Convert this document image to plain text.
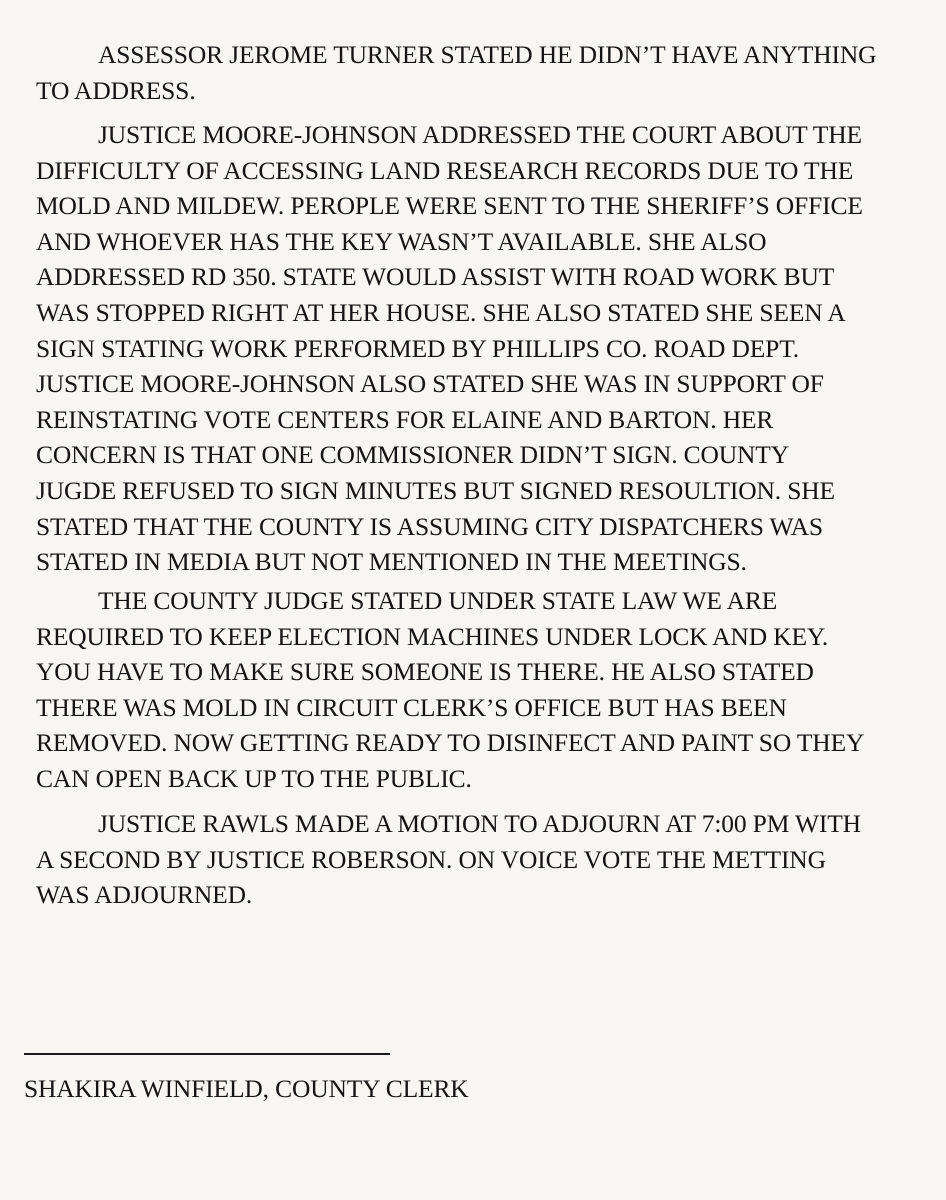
ASSESSOR JEROME TURNER STATED HE DIDN’T HAVE ANYTHING
TO ADDRESS.
JUSTICE MOORE-JOHNSON ADDRESSED THE COURT ABOUT THE
DIFFICULTY OF ACCESSING LAND RESEARCH RECORDS DUE TO THE
MOLD AND MILDEW. PEROPLE WERE SENT TO THE SHERIFF’S OFFICE
AND WHOEVER HAS THE KEY WASN’T AVAILABLE. SHE ALSO
ADDRESSED RD 350. STATE WOULD ASSIST WITH ROAD WORK BUT
WAS STOPPED RIGHT AT HER HOUSE. SHE ALSO STATED SHE SEEN A
SIGN STATING WORK PERFORMED BY PHILLIPS CO. ROAD DEPT.
JUSTICE MOORE-JOHNSON ALSO STATED SHE WAS IN SUPPORT OF
REINSTATING VOTE CENTERS FOR ELAINE AND BARTON. HER
CONCERN IS THAT ONE COMMISSIONER DIDN’T SIGN. COUNTY
JUGDE REFUSED TO SIGN MINUTES BUT SIGNED RESOULTION. SHE
STATED THAT THE COUNTY IS ASSUMING CITY DISPATCHERS WAS
STATED IN MEDIA BUT NOT MENTIONED IN THE MEETINGS.
THE COUNTY JUDGE STATED UNDER STATE LAW WE ARE
REQUIRED TO KEEP ELECTION MACHINES UNDER LOCK AND KEY.
YOU HAVE TO MAKE SURE SOMEONE IS THERE. HE ALSO STATED
THERE WAS MOLD IN CIRCUIT CLERK’S OFFICE BUT HAS BEEN
REMOVED. NOW GETTING READY TO DISINFECT AND PAINT SO THEY
CAN OPEN BACK UP TO THE PUBLIC.
JUSTICE RAWLS MADE A MOTION TO ADJOURN AT 7:00 PM WITH
A SECOND BY JUSTICE ROBERSON. ON VOICE VOTE THE METTING
WAS ADJOURNED.
SHAKIRA WINFIELD, COUNTY CLERK
